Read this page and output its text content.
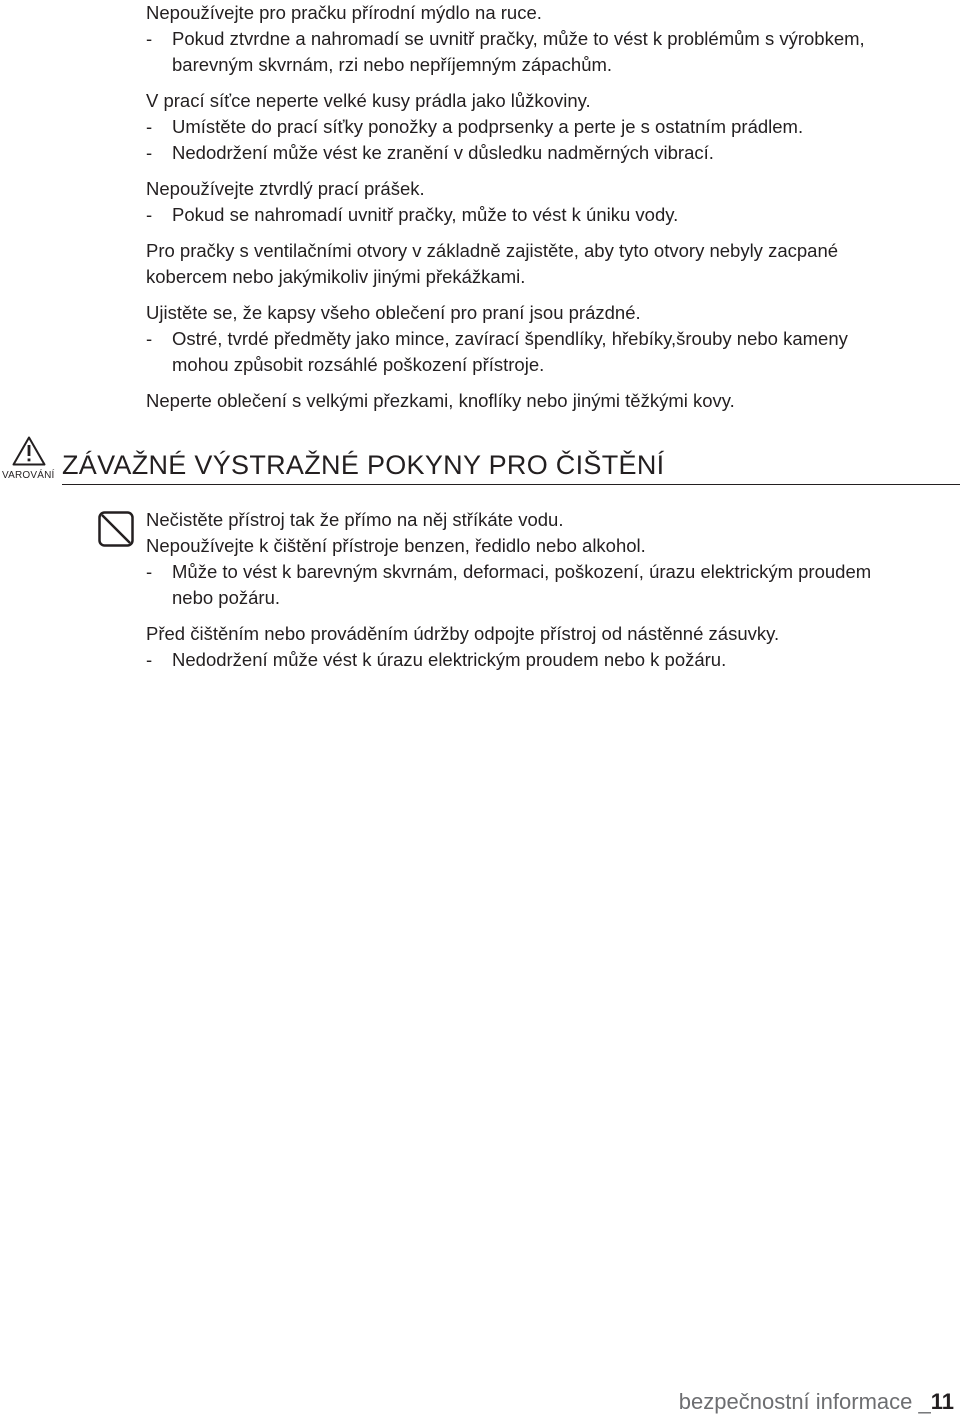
Nepoužívejte pro pračku přírodní mýdlo na ruce.
-	Pokud ztvrdne a nahromadí se uvnitř pračky, může to vést k problémům s výrobkem,
barevným skvrnám, rzi nebo nepříjemným zápachům.
V prací síťce neperte velké kusy prádla jako lůžkoviny.
-	Umístěte do prací síťky ponožky a podprsenky a perte je s ostatním prádlem.
-	Nedodržení může vést ke zranění v důsledku nadměrných vibrací.
Nepoužívejte ztvrdlý prací prášek.
-	Pokud se nahromadí uvnitř pračky, může to vést k úniku vody.
Pro pračky s ventilačními otvory v základně zajistěte, aby tyto otvory nebyly zacpané
kobercem nebo jakýmikoliv jinými překážkami.
Ujistěte se, že kapsy všeho oblečení pro praní jsou prázdné.
-	Ostré, tvrdé předměty jako mince, zavírací špendlíky, hřebíky,šrouby nebo kameny
mohou způsobit rozsáhlé poškození přístroje.
Neperte oblečení s velkými přezkami, knoflíky nebo jinými těžkými kovy.
VAROVÁNÍ ZÁVAŽNÉ VÝSTRAŽNÉ POKYNY PRO ČIŠTĚNÍ
Nečistěte přístroj tak že přímo na něj stříkáte vodu.
Nepoužívejte k čištění přístroje benzen, ředidlo nebo alkohol.
-	Může to vést k barevným skvrnám, deformaci, poškození, úrazu elektrickým proudem
nebo požáru.
Před čištěním nebo prováděním údržby odpojte přístroj od nástěnné zásuvky.
-	Nedodržení může vést k úrazu elektrickým proudem nebo k požáru.
bezpečnostní informace _11
